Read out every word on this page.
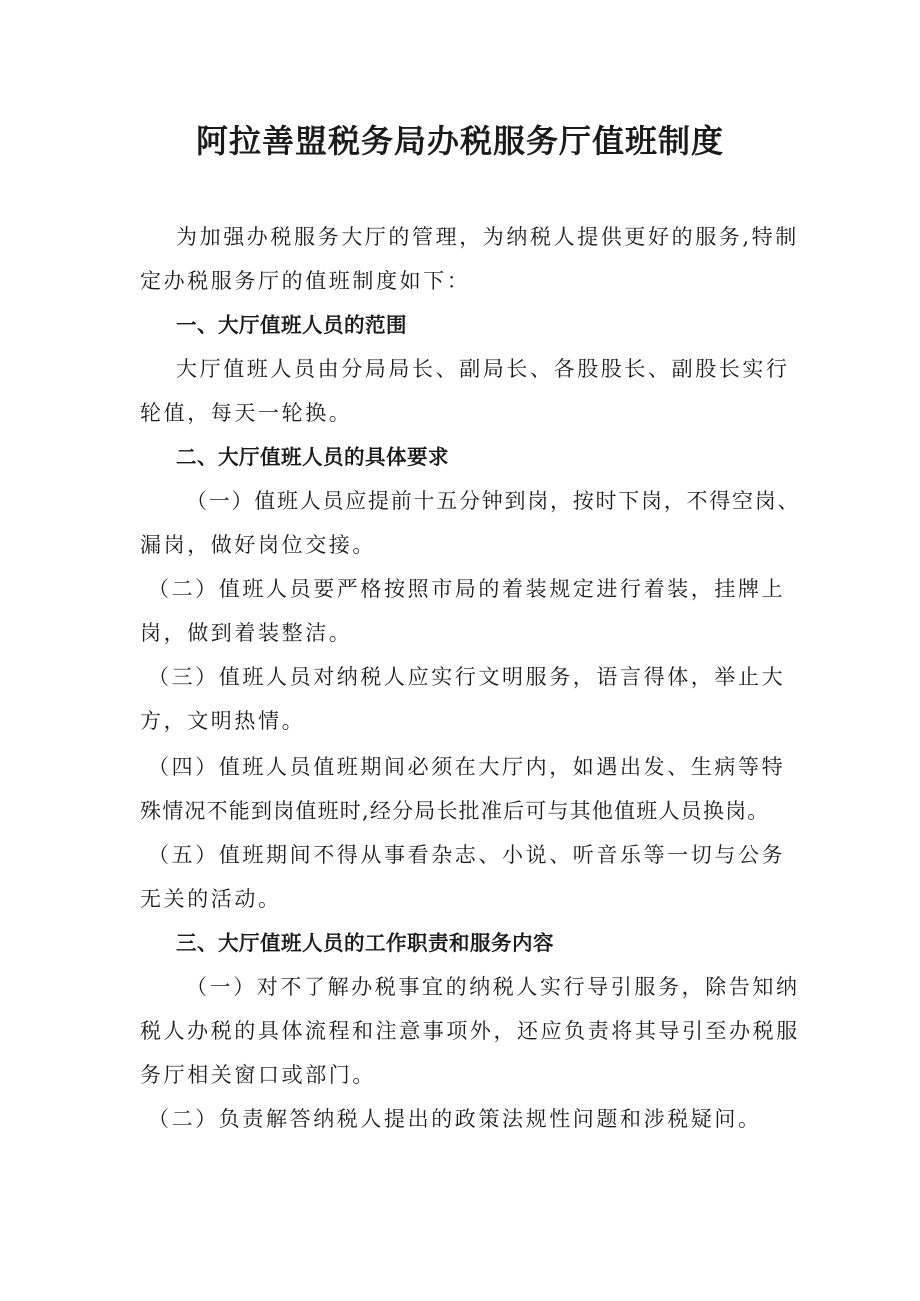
阿拉善盟税务局办税服务厅值班制度
为加强办税服务大厅的管理，为纳税人提供更好的服务,特制
定办税服务厅的值班制度如下：
一、大厅值班人员的范围
大厅值班人员由分局局长、副局长、各股股长、副股长实行
轮值，每天一轮换。
二、大厅值班人员的具体要求
（一）值班人员应提前十五分钟到岗，按时下岗，不得空岗、
漏岗，做好岗位交接。
（二）值班人员要严格按照市局的着装规定进行着装，挂牌上
岗，做到着装整洁。
（三）值班人员对纳税人应实行文明服务，语言得体，举止大
方，文明热情。
（四）值班人员值班期间必须在大厅内，如遇出发、生病等特
殊情况不能到岗值班时,经分局长批准后可与其他值班人员换岗。
（五）值班期间不得从事看杂志、小说、听音乐等一切与公务
无关的活动。
三、大厅值班人员的工作职责和服务内容
（一）对不了解办税事宜的纳税人实行导引服务，除告知纳
税人办税的具体流程和注意事项外，还应负责将其导引至办税服
务厅相关窗口或部门。
（二）负责解答纳税人提出的政策法规性问题和涉税疑问。
